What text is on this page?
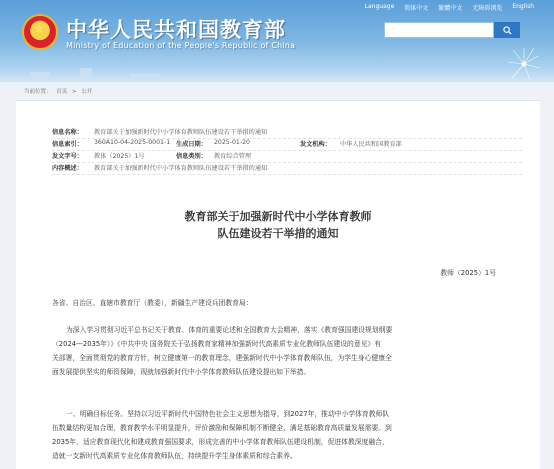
★ 中华人民共和国教育部
Ministry of Education of the People's Republic of China
Language 简体中文 繁體中文 无障碍浏览 English
当前位置： 首页 > 公开
信息名称： 教育部关于加强新时代中小学体育教师队伍建设若干举措的通知
信息索引： 360A10-04-2025-0001-1 生成日期： 2025-01-20	发文机构： 中华人民共和国教育部
发文字号： 教体（2025）1号	信息类别： 教育综合管理
内容概述： 教育部关于加强新时代中小学体育教师队伍建设若干举措的通知
教育部关于加强新时代中小学体育教师
队伍建设若干举措的通知
教师（2025）1号
各省、自治区、直辖市教育厅（教委），新疆生产建设兵团教育局：
为深入学习贯彻习近平总书记关于教育、体育的重要论述和全国教育大会精神，落实《教育强国建设规划纲要
（2024—2035年）》《中共中央 国务院关于弘扬教育家精神加强新时代高素质专业化教师队伍建设的意见》有
关部署，全面贯彻党的教育方针，树立健康第一的教育理念，建强新时代中小学体育教师队伍，为学生身心健康全
面发展提供坚实的师资保障，现就加强新时代中小学体育教师队伍建设提出如下举措。
一、明确目标任务。坚持以习近平新时代中国特色社会主义思想为指导，到2027年，推动中小学体育教师队
伍数量结构更加合理，教育教学水平明显提升，评价激励和保障机制不断健全，满足基础教育高质量发展需要。到
2035年，适应教育现代化和建成教育强国要求，形成完善的中小学体育教师队伍建设机制，促进体教深度融合，
造就一支新时代高素质专业化体育教师队伍，持续提升学生身体素质和综合素养。
